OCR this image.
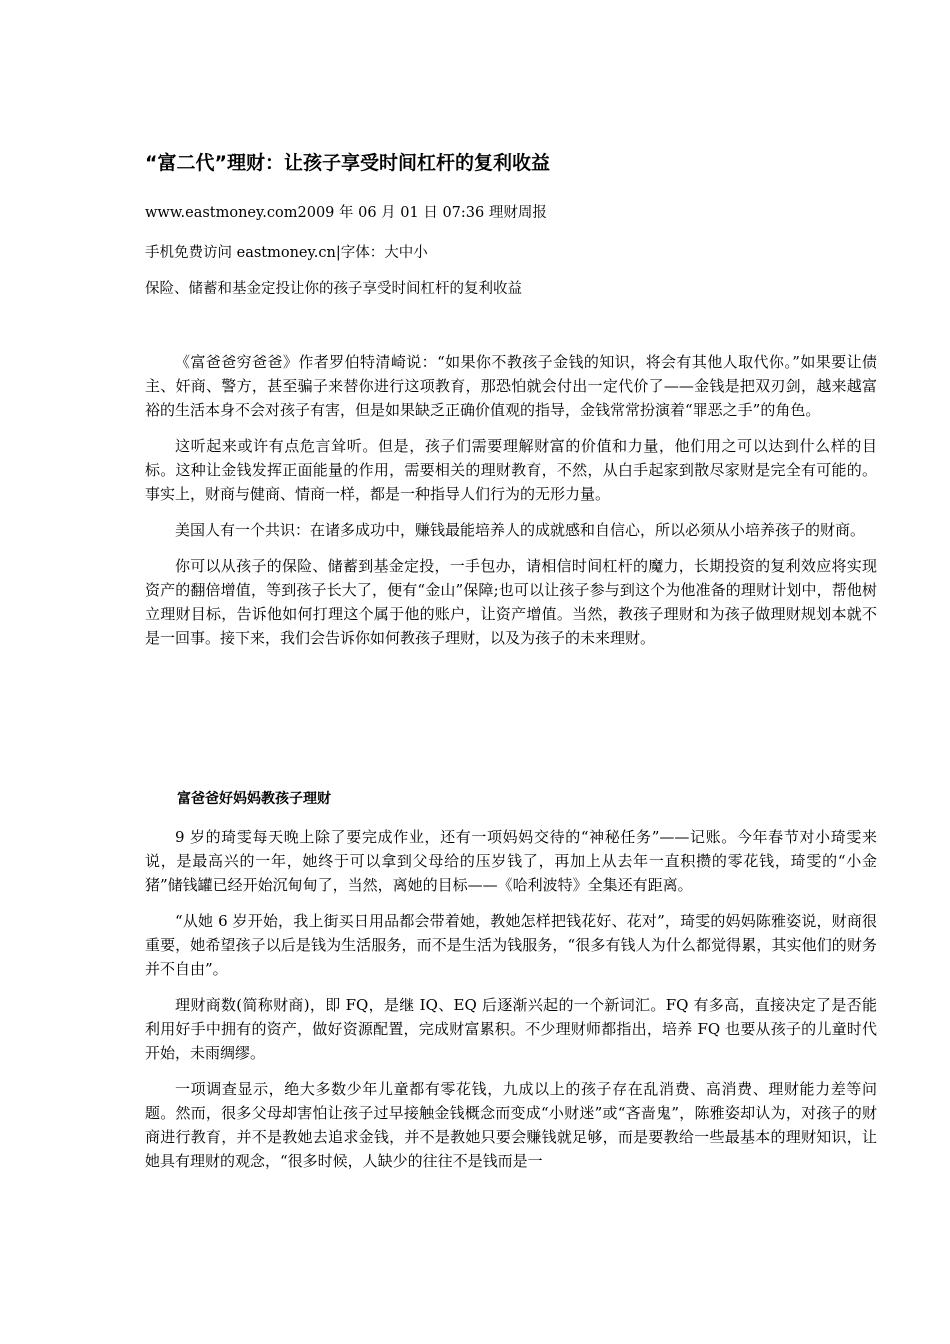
“富二代”理财：让孩子享受时间杠杆的复利收益

www.eastmoney.com2009 年 06 月 01 日 07:36 理财周报

手机免费访问 eastmoney.cn|字体：大中小

保险、储蓄和基金定投让你的孩子享受时间杠杆的复利收益

《富爸爸穷爸爸》作者罗伯特清崎说：“如果你不教孩子金钱的知识，将会有其他人取代你。”如果要让债主、奸商、警方，甚至骗子来替你进行这项教育，那恐怕就会付出一定代价了——金钱是把双刃剑，越来越富裕的生活本身不会对孩子有害，但是如果缺乏正确价值观的指导，金钱常常扮演着“罪恶之手”的角色。

这听起来或许有点危言耸听。但是，孩子们需要理解财富的价值和力量，他们用之可以达到什么样的目标。这种让金钱发挥正面能量的作用，需要相关的理财教育，不然，从白手起家到散尽家财是完全有可能的。事实上，财商与健商、情商一样，都是一种指导人们行为的无形力量。

美国人有一个共识：在诸多成功中，赚钱最能培养人的成就感和自信心，所以必须从小培养孩子的财商。

你可以从孩子的保险、储蓄到基金定投，一手包办，请相信时间杠杆的魔力，长期投资的复利效应将实现资产的翻倍增值，等到孩子长大了，便有“金山”保障;也可以让孩子参与到这个为他准备的理财计划中，帮他树立理财目标，告诉他如何打理这个属于他的账户，让资产增值。当然，教孩子理财和为孩子做理财规划本就不是一回事。接下来，我们会告诉你如何教孩子理财，以及为孩子的未来理财。

富爸爸好妈妈教孩子理财

9 岁的琦雯每天晚上除了要完成作业，还有一项妈妈交待的“神秘任务”——记账。今年春节对小琦雯来说，是最高兴的一年，她终于可以拿到父母给的压岁钱了，再加上从去年一直积攒的零花钱，琦雯的“小金猪”储钱罐已经开始沉甸甸了，当然，离她的目标——《哈利波特》全集还有距离。

“从她 6 岁开始，我上街买日用品都会带着她，教她怎样把钱花好、花对”，琦雯的妈妈陈雅姿说，财商很重要，她希望孩子以后是钱为生活服务，而不是生活为钱服务，“很多有钱人为什么都觉得累，其实他们的财务并不自由”。

理财商数(简称财商)，即 FQ，是继 IQ、EQ 后逐渐兴起的一个新词汇。FQ 有多高，直接决定了是否能利用好手中拥有的资产，做好资源配置，完成财富累积。不少理财师都指出，培养 FQ 也要从孩子的儿童时代开始，未雨绸缪。

一项调查显示，绝大多数少年儿童都有零花钱，九成以上的孩子存在乱消费、高消费、理财能力差等问题。然而，很多父母却害怕让孩子过早接触金钱概念而变成“小财迷”或“吝啬鬼”，陈雅姿却认为，对孩子的财商进行教育，并不是教她去追求金钱，并不是教她只要会赚钱就足够，而是要教给一些最基本的理财知识，让她具有理财的观念，“很多时候，人缺少的往往不是钱而是一
